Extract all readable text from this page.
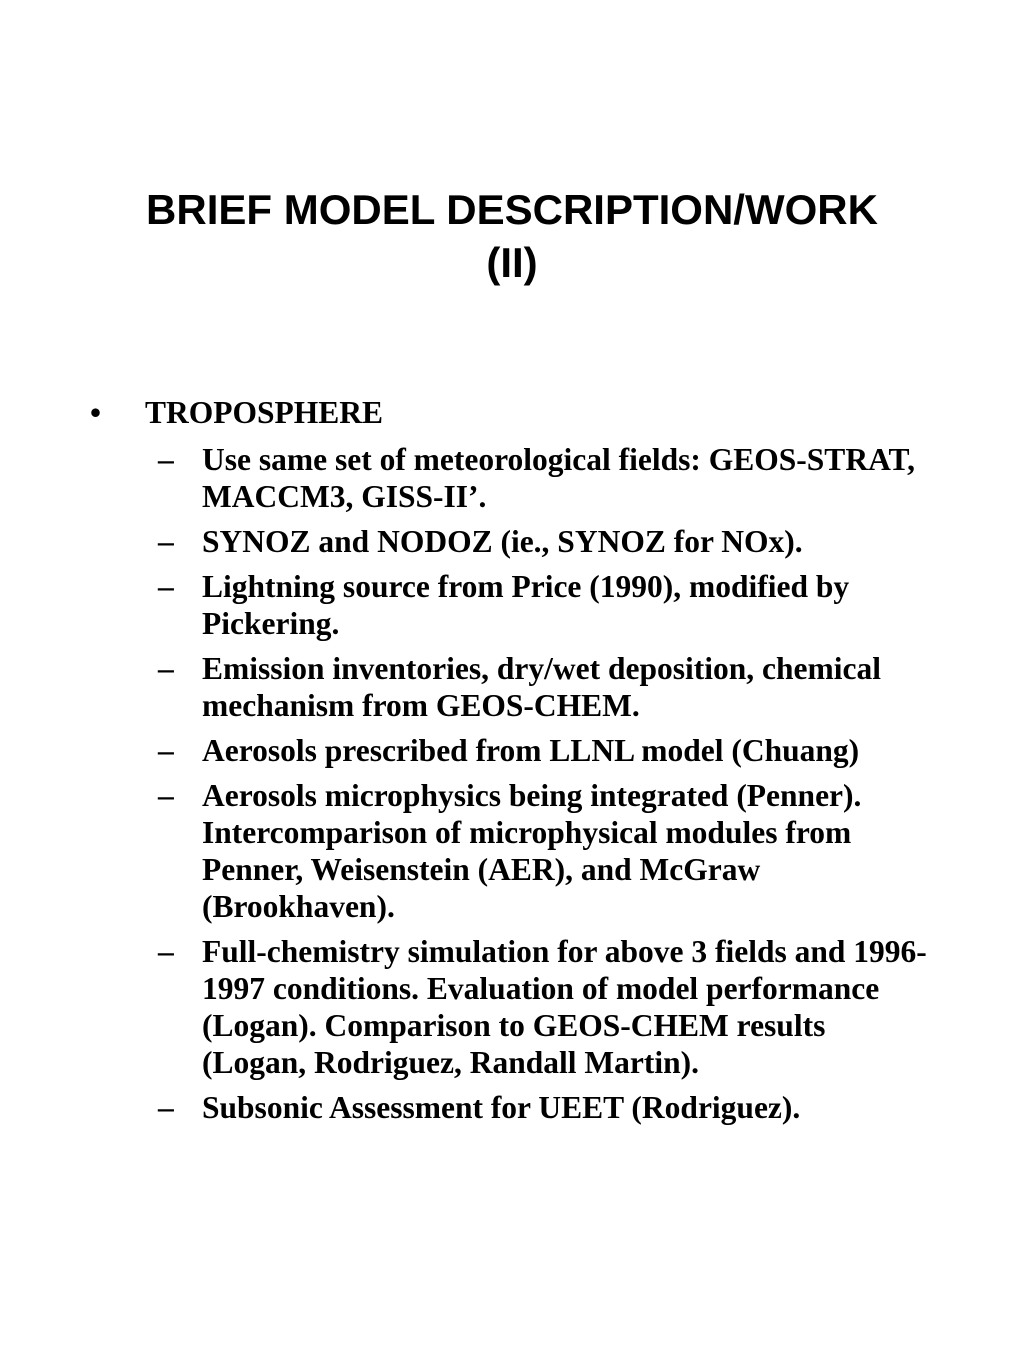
BRIEF MODEL DESCRIPTION/WORK
(II)
• TROPOSPHERE
– Use same set of meteorological fields: GEOS-STRAT, MACCM3, GISS-II’.
– SYNOZ and NODOZ (ie., SYNOZ for NOx).
– Lightning source from Price (1990), modified by Pickering.
– Emission inventories, dry/wet deposition, chemical mechanism from GEOS-CHEM.
– Aerosols prescribed from LLNL model (Chuang)
– Aerosols microphysics being integrated (Penner). Intercomparison of microphysical modules from Penner, Weisenstein (AER), and McGraw (Brookhaven).
– Full-chemistry simulation for above 3 fields and 1996-1997 conditions. Evaluation of model performance (Logan). Comparison to GEOS-CHEM results (Logan, Rodriguez, Randall Martin).
– Subsonic Assessment for UEET (Rodriguez).
